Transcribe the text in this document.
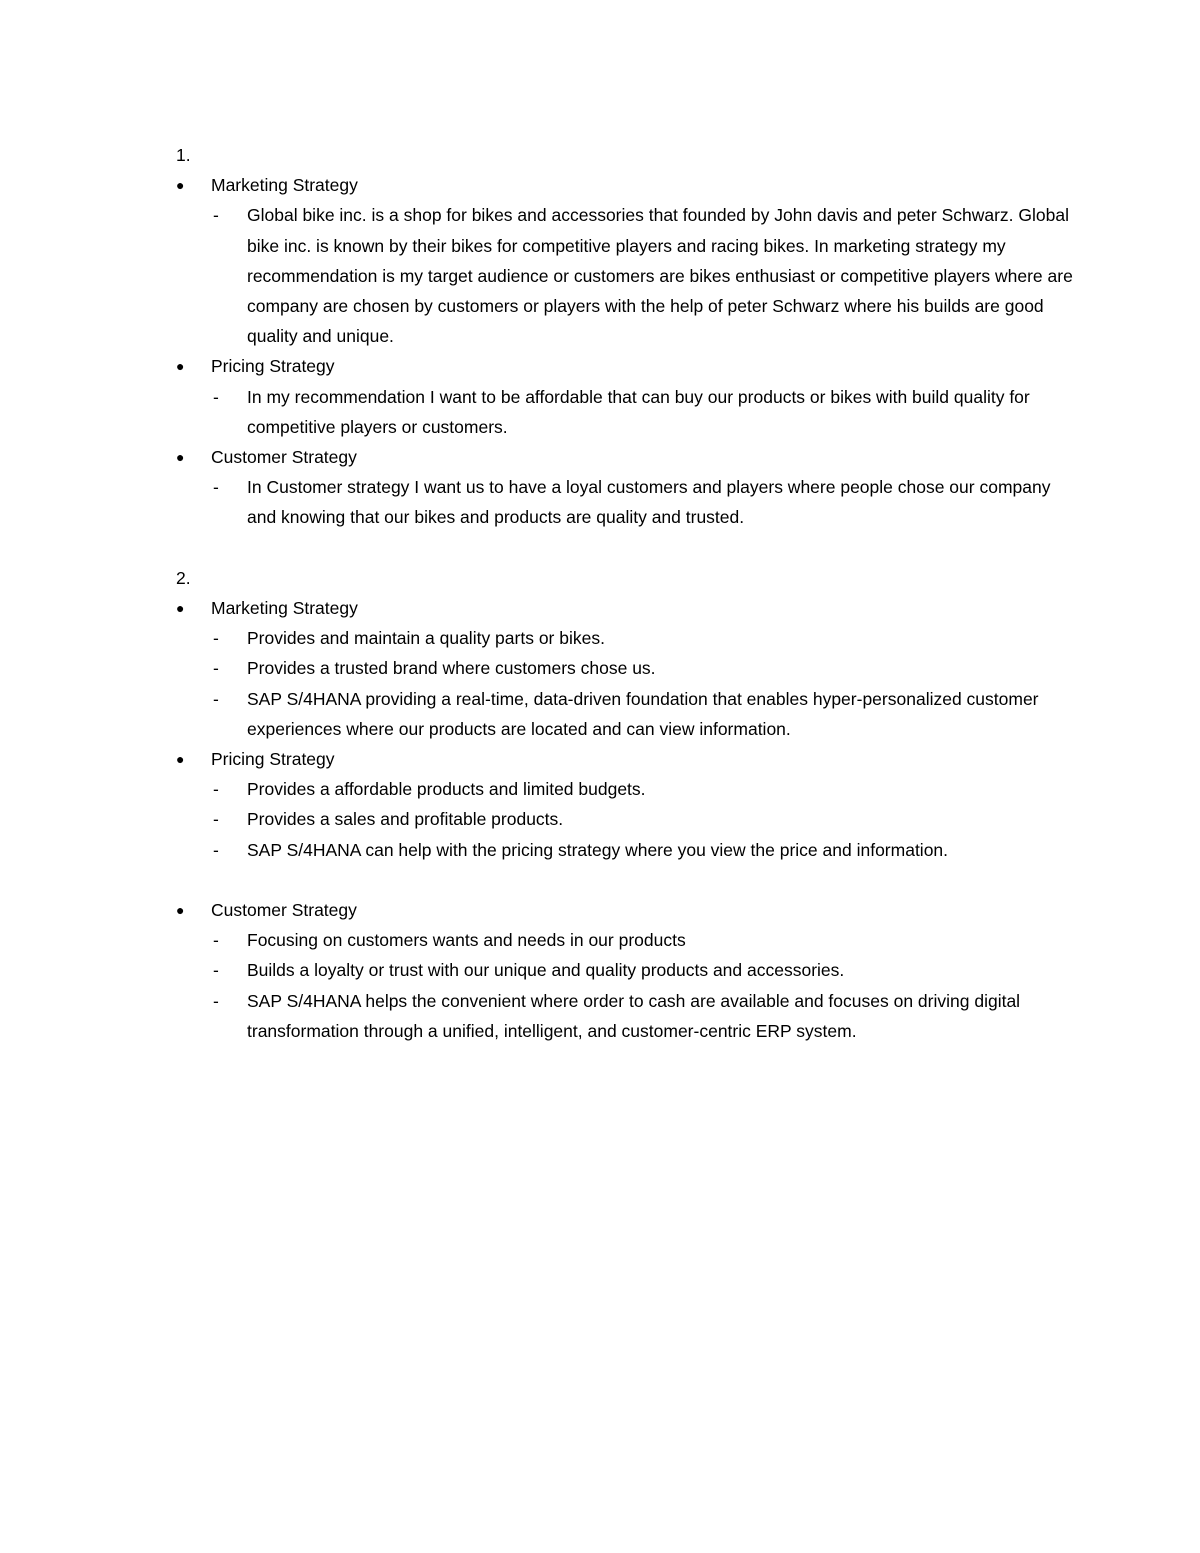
1.
● Marketing Strategy
- Global bike inc. is a shop for bikes and accessories that founded by John davis and peter Schwarz. Global bike inc. is known by their bikes for competitive players and racing bikes. In marketing strategy my recommendation is my target audience or customers are bikes enthusiast or competitive players where are company are chosen by customers or players with the help of peter Schwarz where his builds are good quality and unique.
● Pricing Strategy
- In my recommendation I want to be affordable that can buy our products or bikes with build quality for competitive players or customers.
● Customer Strategy
- In Customer strategy I want us to have a loyal customers and players where people chose our company and knowing that our bikes and products are quality and trusted.
2.
● Marketing Strategy
- Provides and maintain a quality parts or bikes.
- Provides a trusted brand where customers chose us.
- SAP S/4HANA providing a real-time, data-driven foundation that enables hyper-personalized customer experiences where our products are located and can view information.
● Pricing Strategy
- Provides a affordable products and limited budgets.
- Provides a sales and profitable products.
- SAP S/4HANA can help with the pricing strategy where you view the price and information.
● Customer Strategy
- Focusing on customers wants and needs in our products
- Builds a loyalty or trust with our unique and quality products and accessories.
- SAP S/4HANA helps the convenient where order to cash are available and focuses on driving digital transformation through a unified, intelligent, and customer-centric ERP system.
